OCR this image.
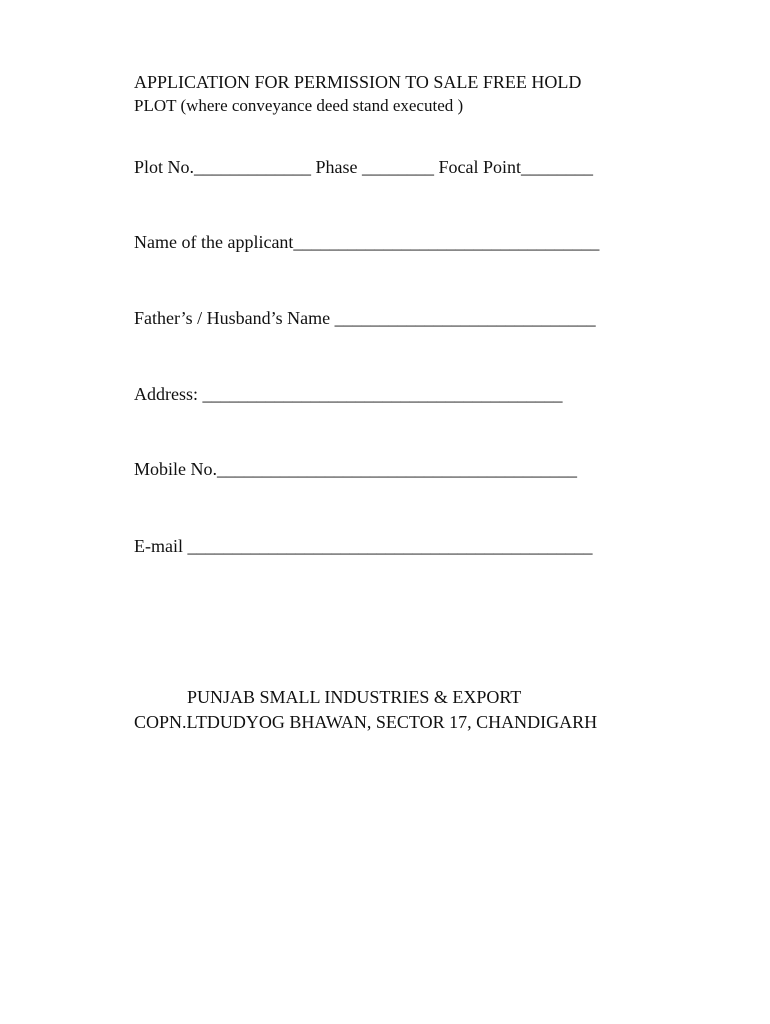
APPLICATION FOR PERMISSION TO SALE FREE HOLD
PLOT (where conveyance deed stand executed )
Plot No._____________ Phase ________ Focal Point________
Name of the applicant__________________________________
Father’s / Husband’s Name _____________________________
Address: ________________________________________
Mobile No.________________________________________
E-mail _____________________________________________
PUNJAB SMALL INDUSTRIES & EXPORT
COPN.LTDUDYOG BHAWAN, SECTOR 17, CHANDIGARH
